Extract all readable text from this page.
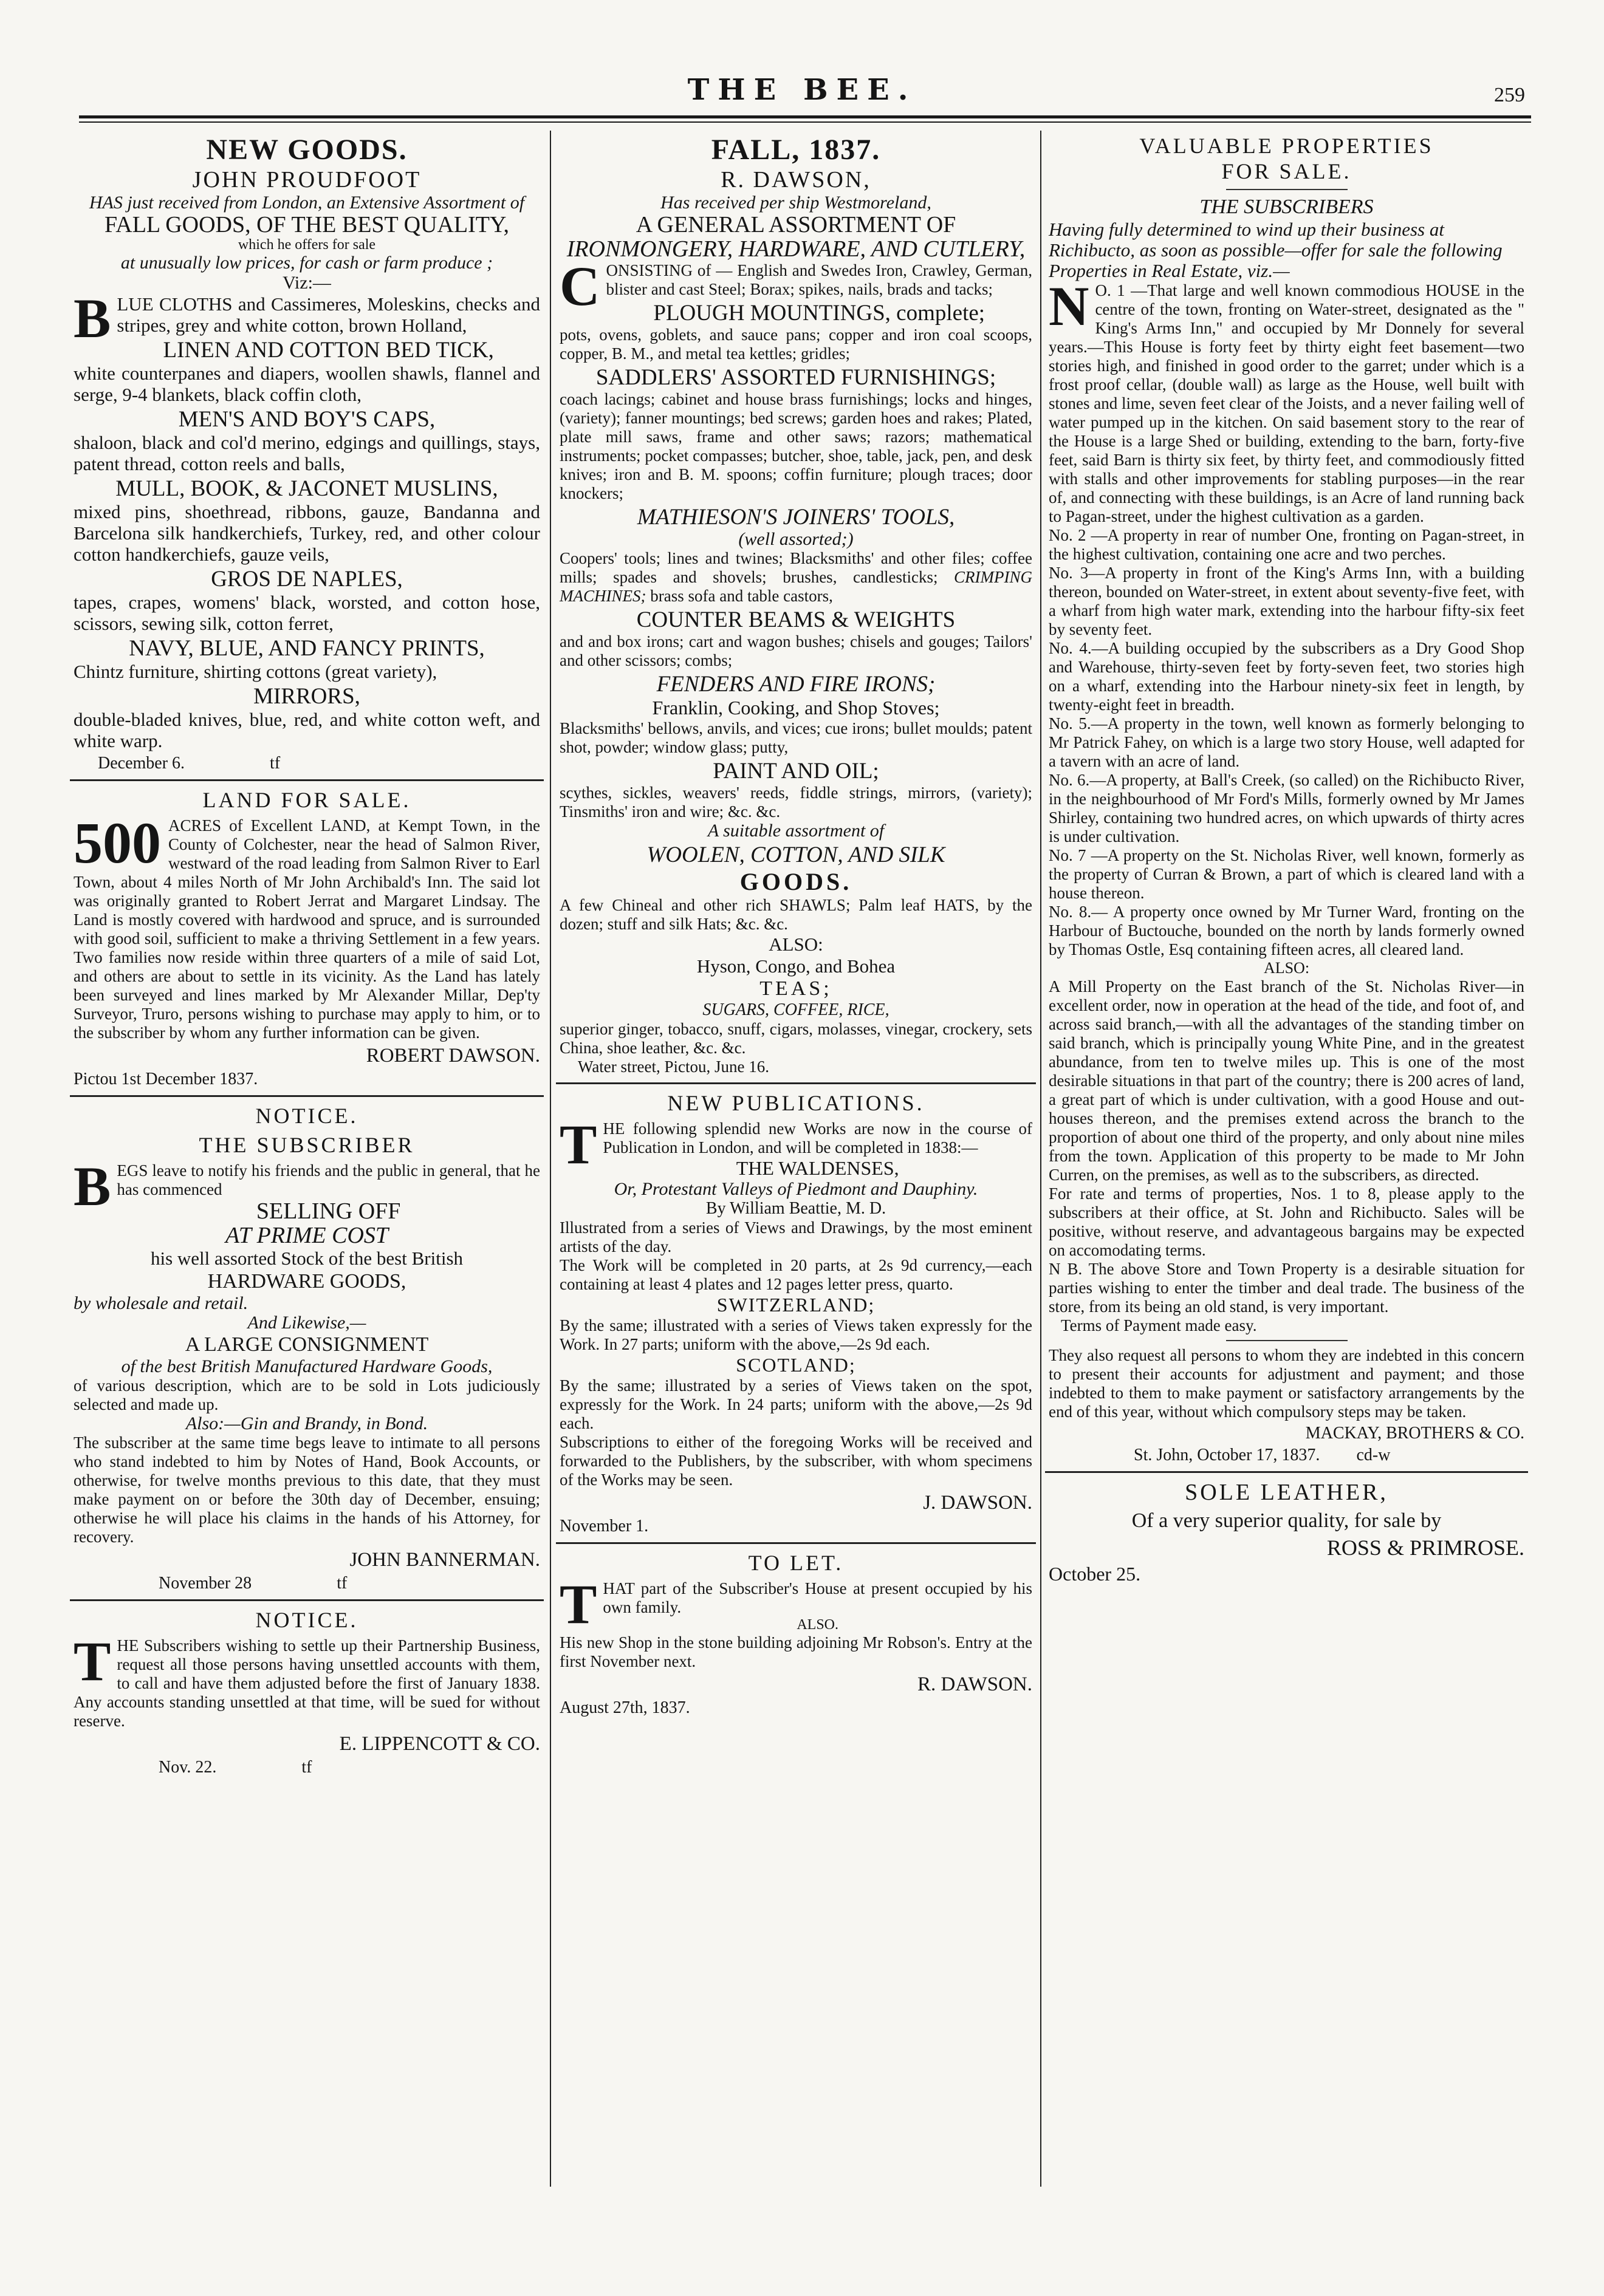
THE BEE.	259
NEW GOODS.
JOHN PROUDFOOT
HAS just received from London, an Extensive Assortment of
FALL GOODS, OF THE BEST QUALITY,
which he offers for sale
at unusually low prices, for cash or farm produce ;
Viz:—
BLUE CLOTHS and Cassimeres, Moleskins, checks and stripes, grey and white cotton, brown Holland,
LINEN AND COTTON BED TICK,
white counterpanes and diapers, woollen shawls, flannel and serge, 9-4 blankets, black coffin cloth,
MEN'S AND BOY'S CAPS,
shaloon, black and col'd merino, edgings and quillings, stays, patent thread, cotton reels and balls,
MULL, BOOK, & JACONET MUSLINS,
mixed pins, shoethread, ribbons, gauze, Bandanna and Barcelona silk handkerchiefs, Turkey, red, and other colour cotton handkerchiefs, gauze veils,
GROS DE NAPLES,
tapes, crapes, womens' black, worsted, and cotton hose, scissors, sewing silk, cotton ferret,
NAVY, BLUE, AND FANCY PRINTS,
Chintz furniture, shirting cottons (great variety),
MIRRORS,
double-bladed knives, blue, red, and white cotton weft, and white warp.
December 6.	tf
LAND FOR SALE.
500 ACRES of Excellent LAND, at Kempt Town, in the County of Colchester, near the head of Salmon River, westward of the road leading from Salmon River to Earl Town, about 4 miles North of Mr John Archibald's Inn. The said lot was originally granted to Robert Jerrat and Margaret Lindsay. The Land is mostly covered with hardwood and spruce, and is surrounded with good soil, sufficient to make a thriving Settlement in a few years. Two families now reside within three quarters of a mile of said Lot, and others are about to settle in its vicinity. As the Land has lately been surveyed and lines marked by Mr Alexander Millar, Dep'ty Surveyor, Truro, persons wishing to purchase may apply to him, or to the subscriber by whom any further information can be given.
ROBERT DAWSON.
Pictou 1st December 1837.
NOTICE.
THE SUBSCRIBER
BEGS leave to notify his friends and the public in general, that he has commenced
SELLING OFF
AT PRIME COST
his well assorted Stock of the best British
HARDWARE GOODS,
by wholesale and retail.
And Likewise,—
A LARGE CONSIGNMENT
of the best British Manufactured Hardware Goods,
of various description, which are to be sold in Lots judiciously selected and made up.
Also:—Gin and Brandy, in Bond.
The subscriber at the same time begs leave to intimate to all persons who stand indebted to him by Notes of Hand, Book Accounts, or otherwise, for twelve months previous to this date, that they must make payment on or before the 30th day of December, ensuing; otherwise he will place his claims in the hands of his Attorney, for recovery.
JOHN BANNERMAN.
November 28	tf
NOTICE.
THE Subscribers wishing to settle up their Partnership Business, request all those persons having unsettled accounts with them, to call and have them adjusted before the first of January 1838. Any accounts standing unsettled at that time, will be sued for without reserve.
E. LIPPENCOTT & CO.
Nov. 22.	tf
FALL, 1837.
R. DAWSON,
Has received per ship Westmoreland,
A GENERAL ASSORTMENT OF
IRONMONGERY, HARDWARE, AND CUTLERY,
CONSISTING of — English and Swedes Iron, Crawley, German, blister and cast Steel; Borax; spikes, nails, brads and tacks;
PLOUGH MOUNTINGS, complete;
pots, ovens, goblets, and sauce pans; copper and iron coal scoops, copper, B. M., and metal tea kettles; gridles;
SADDLERS' ASSORTED FURNISHINGS;
coach lacings; cabinet and house brass furnishings; locks and hinges, (variety); fanner mountings; bed screws; garden hoes and rakes; Plated, plate mill saws, frame and other saws; razors; mathematical instruments; pocket compasses; butcher, shoe, table, jack, pen, and desk knives; iron and B. M. spoons; coffin furniture; plough traces; door knockers;
MATHIESON'S JOINERS' TOOLS,
(well assorted;)
Coopers' tools; lines and twines; Blacksmiths' and other files; coffee mills; spades and shovels; brushes, candlesticks; CRIMPING MACHINES; brass sofa and table castors,
COUNTER BEAMS & WEIGHTS
and and box irons; cart and wagon bushes; chisels and gouges; Tailors' and other scissors; combs;
FENDERS AND FIRE IRONS;
Franklin, Cooking, and Shop Stoves;
Blacksmiths' bellows, anvils, and vices; cue irons; bullet moulds; patent shot, powder; window glass; putty,
PAINT AND OIL;
scythes, sickles, weavers' reeds, fiddle strings, mirrors, (variety); Tinsmiths' iron and wire; &c. &c.
A suitable assortment of
WOOLEN, COTTON, AND SILK
GOODS.
A few Chineal and other rich SHAWLS; Palm leaf HATS, by the dozen; stuff and silk Hats; &c. &c.
ALSO:
Hyson, Congo, and Bohea
TEAS;
SUGARS, COFFEE, RICE,
superior ginger, tobacco, snuff, cigars, molasses, vinegar, crockery, sets China, shoe leather, &c. &c.
Water street, Pictou, June 16.
NEW PUBLICATIONS.
THE following splendid new Works are now in the course of Publication in London, and will be completed in 1838:—
THE WALDENSES,
Or, Protestant Valleys of Piedmont and Dauphiny.
By William Beattie, M. D.
Illustrated from a series of Views and Drawings, by the most eminent artists of the day.
The Work will be completed in 20 parts, at 2s 9d currency,—each containing at least 4 plates and 12 pages letter press, quarto.
SWITZERLAND;
By the same; illustrated with a series of Views taken expressly for the Work. In 27 parts; uniform with the above,—2s 9d each.
SCOTLAND;
By the same; illustrated by a series of Views taken on the spot, expressly for the Work. In 24 parts; uniform with the above,—2s 9d each.
Subscriptions to either of the foregoing Works will be received and forwarded to the Publishers, by the subscriber, with whom specimens of the Works may be seen.
J. DAWSON.
November 1.
TO LET.
THAT part of the Subscriber's House at present occupied by his own family.
ALSO.
His new Shop in the stone building adjoining Mr Robson's. Entry at the first November next.
R. DAWSON.
August 27th, 1837.
VALUABLE PROPERTIES
FOR SALE.
THE SUBSCRIBERS
Having fully determined to wind up their business at Richibucto, as soon as possible—offer for sale the following Properties in Real Estate, viz.—
N O. 1 —That large and well known commodious HOUSE in the centre of the town, fronting on Water-street, designated as the " King's Arms Inn," and occupied by Mr Donnely for several years.—This House is forty feet by thirty eight feet basement—two stories high, and finished in good order to the garret; under which is a frost proof cellar, (double wall) as large as the House, well built with stones and lime, seven feet clear of the Joists, and a never failing well of water pumped up in the kitchen. On said basement story to the rear of the House is a large Shed or building, extending to the barn, forty-five feet, said Barn is thirty six feet, by thirty feet, and commodiously fitted with stalls and other improvements for stabling purposes—in the rear of, and connecting with these buildings, is an Acre of land running back to Pagan-street, under the highest cultivation as a garden.
No. 2 —A property in rear of number One, fronting on Pagan-street, in the highest cultivation, containing one acre and two perches.
No. 3—A property in front of the King's Arms Inn, with a building thereon, bounded on Water-street, in extent about seventy-five feet, with a wharf from high water mark, extending into the harbour fifty-six feet by seventy feet.
No. 4.—A building occupied by the subscribers as a Dry Good Shop and Warehouse, thirty-seven feet by forty-seven feet, two stories high on a wharf, extending into the Harbour ninety-six feet in length, by twenty-eight feet in breadth.
No. 5.—A property in the town, well known as formerly belonging to Mr Patrick Fahey, on which is a large two story House, well adapted for a tavern with an acre of land.
No. 6.—A property, at Ball's Creek, (so called) on the Richibucto River, in the neighbourhood of Mr Ford's Mills, formerly owned by Mr James Shirley, containing two hundred acres, on which upwards of thirty acres is under cultivation.
No. 7 —A property on the St. Nicholas River, well known, formerly as the property of Curran & Brown, a part of which is cleared land with a house thereon.
No. 8.— A property once owned by Mr Turner Ward, fronting on the Harbour of Buctouche, bounded on the north by lands formerly owned by Thomas Ostle, Esq containing fifteen acres, all cleared land.
ALSO:
A Mill Property on the East branch of the St. Nicholas River—in excellent order, now in operation at the head of the tide, and foot of, and across said branch,—with all the advantages of the standing timber on said branch, which is principally young White Pine, and in the greatest abundance, from ten to twelve miles up. This is one of the most desirable situations in that part of the country; there is 200 acres of land, a great part of which is under cultivation, with a good House and out-houses thereon, and the premises extend across the branch to the proportion of about one third of the property, and only about nine miles from the town. Application of this property to be made to Mr John Curren, on the premises, as well as to the subscribers, as directed.
For rate and terms of properties, Nos. 1 to 8, please apply to the subscribers at their office, at St. John and Richibucto. Sales will be positive, without reserve, and advantageous bargains may be expected on accomodating terms.
N B. The above Store and Town Property is a desirable situation for parties wishing to enter the timber and deal trade. The business of the store, from its being an old stand, is very important.
Terms of Payment made easy.
They also request all persons to whom they are indebted in this concern to present their accounts for adjustment and payment; and those indebted to them to make payment or satisfactory arrangements by the end of this year, without which compulsory steps may be taken.
MACKAY, BROTHERS & CO.
St. John, October 17, 1837. cd-w
SOLE LEATHER,
Of a very superior quality, for sale by
ROSS & PRIMROSE.
October 25.
